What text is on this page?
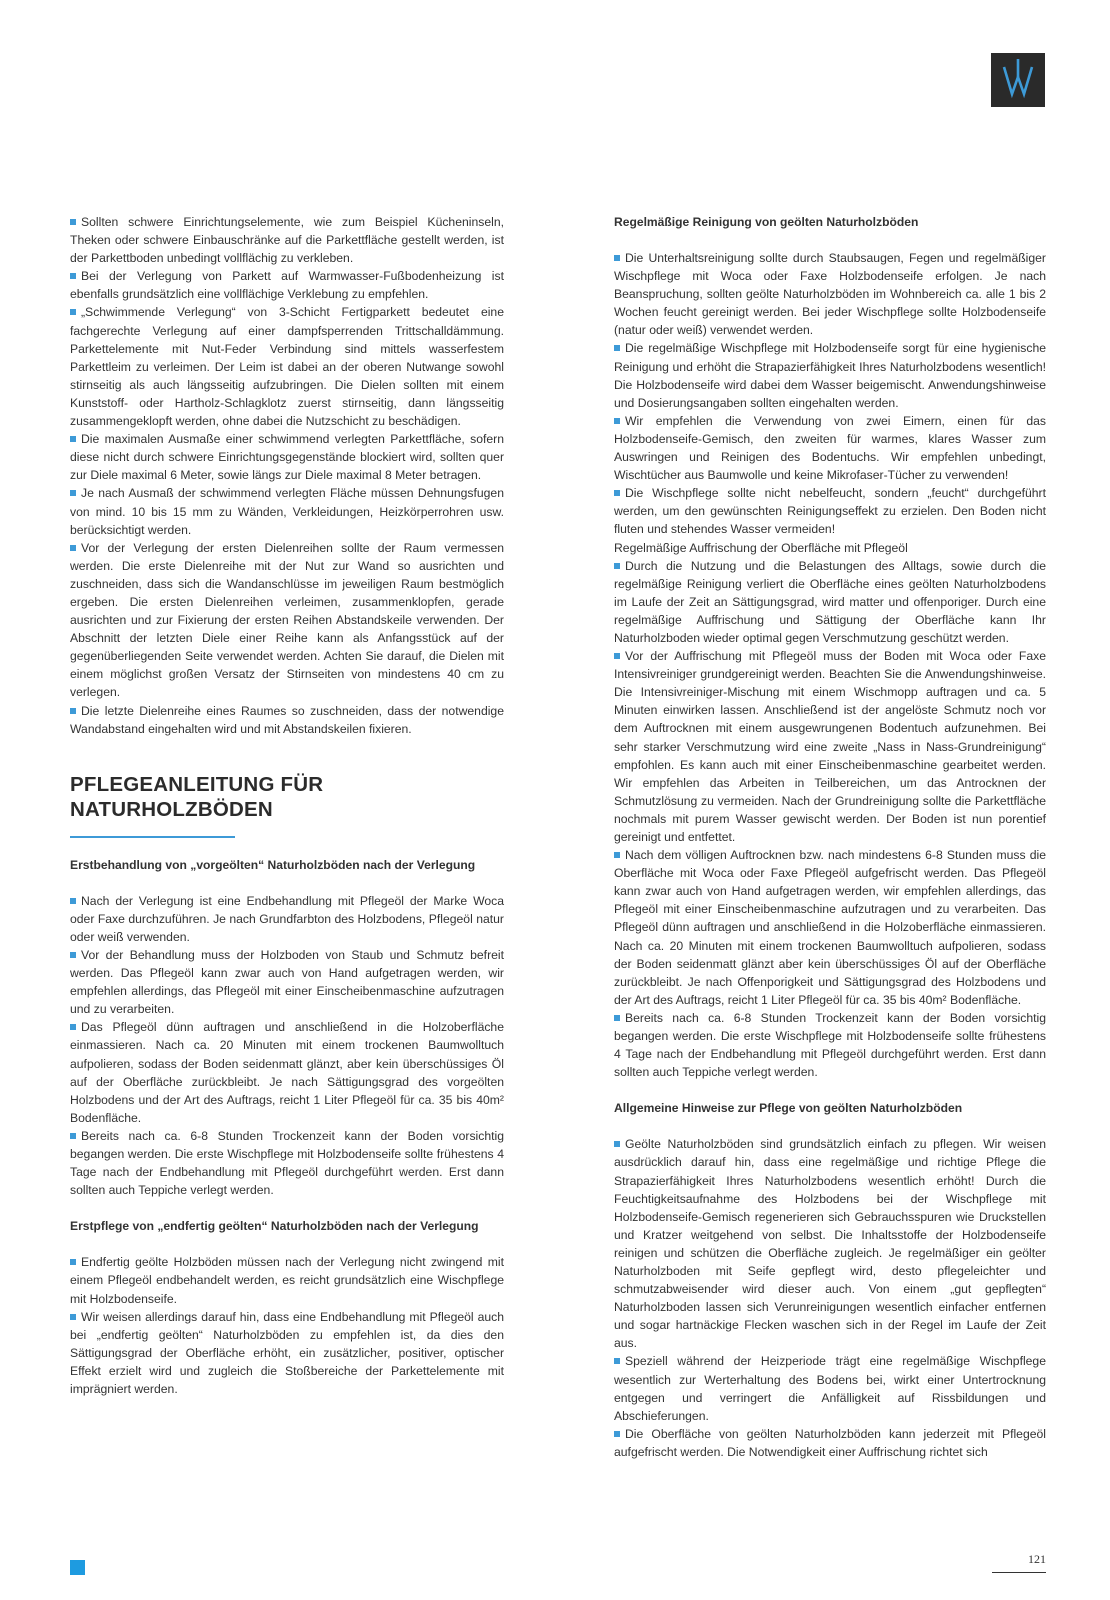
Sollten schwere Einrichtungselemente, wie zum Beispiel Kücheninseln, Theken oder schwere Einbauschränke auf die Parkettfläche gestellt werden, ist der Parkettboden unbedingt vollflächig zu verkleben.

Bei der Verlegung von Parkett auf Warmwasser-Fußbodenheizung ist ebenfalls grundsätzlich eine vollflächige Verklebung zu empfehlen.

„Schwimmende Verlegung“ von 3-Schicht Fertigparkett bedeutet eine fachgerechte Verlegung auf einer dampfsperrenden Trittschalldämmung. Parkettelemente mit Nut-Feder Verbindung sind mittels wasserfestem Parkettleim zu verleimen. Der Leim ist dabei an der oberen Nutwange sowohl stirnseitig als auch längsseitig aufzubringen. Die Dielen sollten mit einem Kunststoff- oder Hartholz-Schlagklotz zuerst stirnseitig, dann längsseitig zusammengeklopft werden, ohne dabei die Nutzschicht zu beschädigen.

Die maximalen Ausmaße einer schwimmend verlegten Parkettfläche, sofern diese nicht durch schwere Einrichtungsgegenstände blockiert wird, sollten quer zur Diele maximal 6 Meter, sowie längs zur Diele maximal 8 Meter betragen.

Je nach Ausmaß der schwimmend verlegten Fläche müssen Dehnungsfugen von mind. 10 bis 15 mm zu Wänden, Verkleidungen, Heizkörperrohren usw. berücksichtigt werden.

Vor der Verlegung der ersten Dielenreihen sollte der Raum vermessen werden. Die erste Dielenreihe mit der Nut zur Wand so ausrichten und zuschneiden, dass sich die Wandanschlüsse im jeweiligen Raum bestmöglich ergeben. Die ersten Dielenreihen verleimen, zusammenklopfen, gerade ausrichten und zur Fixierung der ersten Reihen Abstandskeile verwenden. Der Abschnitt der letzten Diele einer Reihe kann als Anfangsstück auf der gegenüberliegenden Seite verwendet werden. Achten Sie darauf, die Dielen mit einem möglichst großen Versatz der Stirnseiten von mindestens 40 cm zu verlegen.

Die letzte Dielenreihe eines Raumes so zuschneiden, dass der notwendige Wandabstand eingehalten wird und mit Abstandskeilen fixieren.

PFLEGEANLEITUNG FÜR
NATURHOLZBÖDEN

Erstbehandlung von „vorgeölten“ Naturholzböden nach der Verlegung

Nach der Verlegung ist eine Endbehandlung mit Pflegeöl der Marke Woca oder Faxe durchzuführen. Je nach Grundfarbton des Holzbodens, Pflegeöl natur oder weiß verwenden.

Vor der Behandlung muss der Holzboden von Staub und Schmutz befreit werden. Das Pflegeöl kann zwar auch von Hand aufgetragen werden, wir empfehlen allerdings, das Pflegeöl mit einer Einscheibenmaschine aufzutragen und zu verarbeiten.

Das Pflegeöl dünn auftragen und anschließend in die Holzoberfläche einmassieren. Nach ca. 20 Minuten mit einem trockenen Baumwolltuch aufpolieren, sodass der Boden seidenmatt glänzt, aber kein überschüssiges Öl auf der Oberfläche zurückbleibt. Je nach Sättigungsgrad des vorgeölten Holzbodens und der Art des Auftrags, reicht 1 Liter Pflegeöl für ca. 35 bis 40m² Bodenfläche.

Bereits nach ca. 6-8 Stunden Trockenzeit kann der Boden vorsichtig begangen werden. Die erste Wischpflege mit Holzbodenseife sollte frühestens 4 Tage nach der Endbehandlung mit Pflegeöl durchgeführt werden. Erst dann sollten auch Teppiche verlegt werden.

Erstpflege von „endfertig geölten“ Naturholzböden nach der Verlegung

Endfertig geölte Holzböden müssen nach der Verlegung nicht zwingend mit einem Pflegeöl endbehandelt werden, es reicht grundsätzlich eine Wischpflege mit Holzbodenseife.

Wir weisen allerdings darauf hin, dass eine Endbehandlung mit Pflegeöl auch bei „endfertig geölten“ Naturholzböden zu empfehlen ist, da dies den Sättigungsgrad der Oberfläche erhöht, ein zusätzlicher, positiver, optischer Effekt erzielt wird und zugleich die Stoßbereiche der Parkettelemente mit imprägniert werden.

Regelmäßige Reinigung von geölten Naturholzböden

Die Unterhaltsreinigung sollte durch Staubsaugen, Fegen und regelmäßiger Wischpflege mit Woca oder Faxe Holzbodenseife erfolgen. Je nach Beanspruchung, sollten geölte Naturholzböden im Wohnbereich ca. alle 1 bis 2 Wochen feucht gereinigt werden. Bei jeder Wischpflege sollte Holzbodenseife (natur oder weiß) verwendet werden.

Die regelmäßige Wischpflege mit Holzbodenseife sorgt für eine hygienische Reinigung und erhöht die Strapazierfähigkeit Ihres Naturholzbodens wesentlich! Die Holzbodenseife wird dabei dem Wasser beigemischt. Anwendungshinweise und Dosierungsangaben sollten eingehalten werden.

Wir empfehlen die Verwendung von zwei Eimern, einen für das Holzbodenseife-Gemisch, den zweiten für warmes, klares Wasser zum Auswringen und Reinigen des Bodentuchs. Wir empfehlen unbedingt, Wischtücher aus Baumwolle und keine Mikrofaser-Tücher zu verwenden!

Die Wischpflege sollte nicht nebelfeucht, sondern „feucht“ durchgeführt werden, um den gewünschten Reinigungseffekt zu erzielen. Den Boden nicht fluten und stehendes Wasser vermeiden!

Regelmäßige Auffrischung der Oberfläche mit Pflegeöl

Durch die Nutzung und die Belastungen des Alltags, sowie durch die regelmäßige Reinigung verliert die Oberfläche eines geölten Naturholzbodens im Laufe der Zeit an Sättigungsgrad, wird matter und offenporiger. Durch eine regelmäßige Auffrischung und Sättigung der Oberfläche kann Ihr Naturholzboden wieder optimal gegen Verschmutzung geschützt werden.

Vor der Auffrischung mit Pflegeöl muss der Boden mit Woca oder Faxe Intensivreiniger grundgereinigt werden. Beachten Sie die Anwendungshinweise. Die Intensivreiniger-Mischung mit einem Wischmopp auftragen und ca. 5 Minuten einwirken lassen. Anschließend ist der angelöste Schmutz noch vor dem Auftrocknen mit einem ausgewrungenen Bodentuch aufzunehmen. Bei sehr starker Verschmutzung wird eine zweite „Nass in Nass-Grundreinigung“ empfohlen. Es kann auch mit einer Einscheibenmaschine gearbeitet werden. Wir empfehlen das Arbeiten in Teilbereichen, um das Antrocknen der Schmutzlösung zu vermeiden. Nach der Grundreinigung sollte die Parkettfläche nochmals mit purem Wasser gewischt werden. Der Boden ist nun porentief gereinigt und entfettet.

Nach dem völligen Auftrocknen bzw. nach mindestens 6-8 Stunden muss die Oberfläche mit Woca oder Faxe Pflegeöl aufgefrischt werden. Das Pflegeöl kann zwar auch von Hand aufgetragen werden, wir empfehlen allerdings, das Pflegeöl mit einer Einscheibenmaschine aufzutragen und zu verarbeiten. Das Pflegeöl dünn auftragen und anschließend in die Holzoberfläche einmassieren. Nach ca. 20 Minuten mit einem trockenen Baumwolltuch aufpolieren, sodass der Boden seidenmatt glänzt aber kein überschüssiges Öl auf der Oberfläche zurückbleibt. Je nach Offenporigkeit und Sättigungsgrad des Holzbodens und der Art des Auftrags, reicht 1 Liter Pflegeöl für ca. 35 bis 40m² Bodenfläche.

Bereits nach ca. 6-8 Stunden Trockenzeit kann der Boden vorsichtig begangen werden. Die erste Wischpflege mit Holzbodenseife sollte frühestens 4 Tage nach der Endbehandlung mit Pflegeöl durchgeführt werden. Erst dann sollten auch Teppiche verlegt werden.

Allgemeine Hinweise zur Pflege von geölten Naturholzböden

Geölte Naturholzböden sind grundsätzlich einfach zu pflegen. Wir weisen ausdrücklich darauf hin, dass eine regelmäßige und richtige Pflege die Strapazierfähigkeit Ihres Naturholzbodens wesentlich erhöht! Durch die Feuchtigkeitsaufnahme des Holzbodens bei der Wischpflege mit Holzbodenseife-Gemisch regenerieren sich Gebrauchsspuren wie Druckstellen und Kratzer weitgehend von selbst. Die Inhaltsstoffe der Holzbodenseife reinigen und schützen die Oberfläche zugleich. Je regelmäßiger ein geölter Naturholzboden mit Seife gepflegt wird, desto pflegeleichter und schmutzabweisender wird dieser auch. Von einem „gut gepflegten“ Naturholzboden lassen sich Verunreinigungen wesentlich einfacher entfernen und sogar hartnäckige Flecken waschen sich in der Regel im Laufe der Zeit aus.

Speziell während der Heizperiode trägt eine regelmäßige Wischpflege wesentlich zur Werterhaltung des Bodens bei, wirkt einer Untertrocknung entgegen und verringert die Anfälligkeit auf Rissbildungen und Abschieferungen.

Die Oberfläche von geölten Naturholzböden kann jederzeit mit Pflegeöl aufgefrischt werden. Die Notwendigkeit einer Auffrischung richtet sich

121
